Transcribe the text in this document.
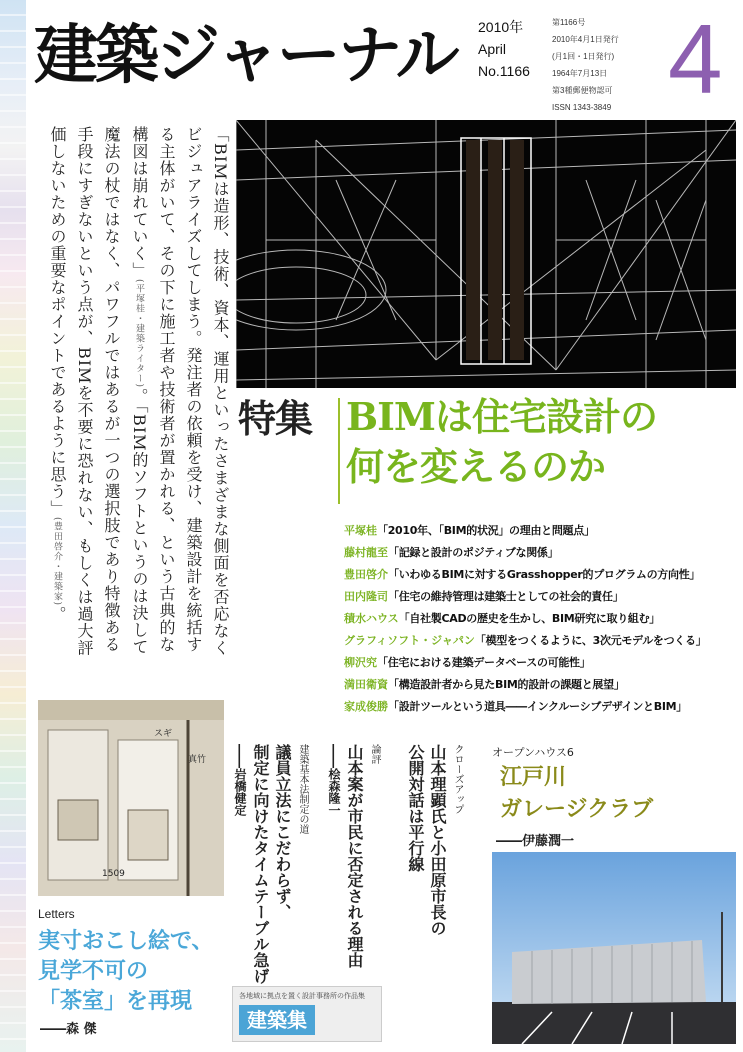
建築ジャーナル 2010年
April
No.1166
第1166号
2010年4月1日発行
(月1回・1日発行)
1964年7月13日
第3種郵便物認可
ISSN 1343-3849 4
「BIMは造形、技術、資本、運用といったさまざまな側面を否応なくビジュアライズしてしまう。発注者の依頼を受け、建築設計を統括する主体がいて、その下に施工者や技術者が置かれる、という古典的な構図は崩れていく」(平塚桂・建築ライター)。「BIM的ソフトというのは決して魔法の杖ではなく、パワフルではあるが一つの選択肢であり特徴ある手段にすぎないという点が、BIMを不要に恐れない、もしくは過大評価しないための重要なポイントであるように思う」(豊田啓介・建築家)。
特集 BIMは住宅設計の
何を変えるのか
平塚桂 「2010年、「BIM的状況」の理由と問題点」
藤村龍至 「記録と設計のポジティブな関係」
豊田啓介 「いわゆるBIMに対するGrasshopper的プログラムの方向性」
田内隆司 「住宅の維持管理は建築士としての社会的責任」
積水ハウス 「自社製CADの歴史を生かし、BIM研究に取り組む」
グラフィソフト・ジャパン 「模型をつくるように、3次元モデルをつくる」
柳沢究 「住宅における建築データベースの可能性」
満田衛資 「構造設計者から見たBIM的設計の課題と展望」
家成俊勝 「設計ツールという道具――インクルーシブデザインとBIM」
スギ
真竹
1509
Letters
実寸おこし絵で、
見学不可の
「茶室」を再現
――森 傑
クローズアップ
山本理顕氏と小田原市長の
公開対話は平行線
論評
山本案が市民に否定される理由
――桧森隆一
建築基本法制定の道
議員立法にこだわらず、
制定に向けたタイムテーブル急げ
――岩橋健定
各地域に拠点を置く設計事務所の作品集
建築集
オープンハウス6
江戸川
ガレージクラブ
――伊藤潤一
